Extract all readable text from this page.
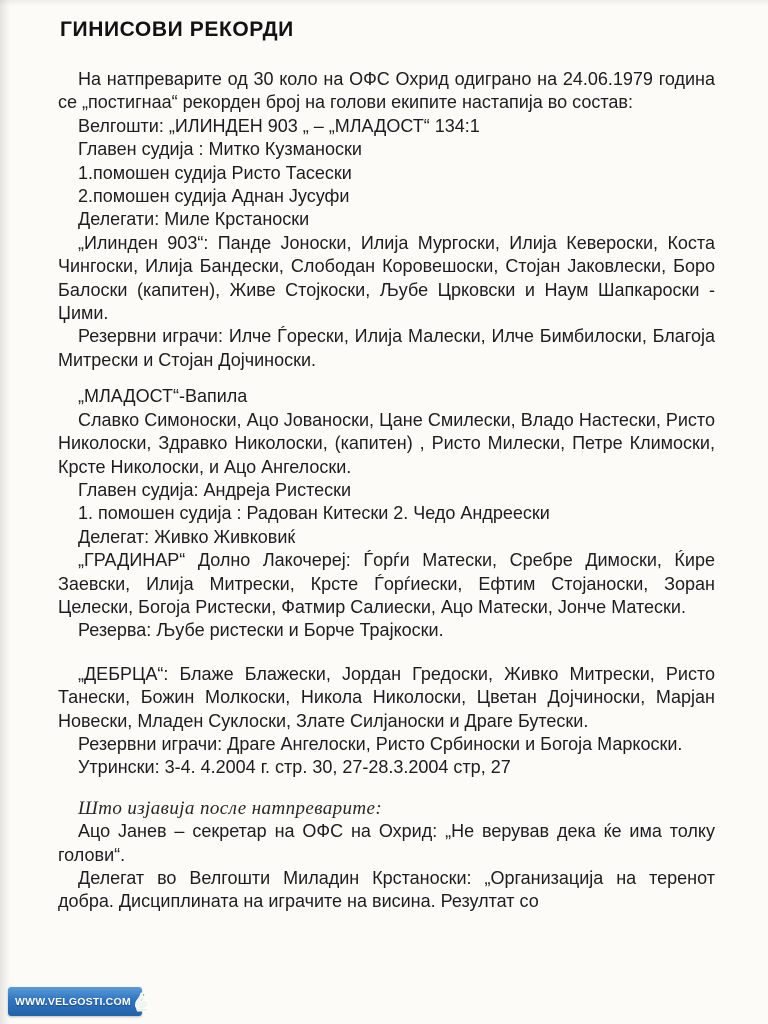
ГИНИСОВИ РЕКОРДИ

На натпреварите од 30 коло на ОФС Охрид одиграно на 24.06.1979 година се „постигнаа“ рекорден број на голови екипите настапија во состав:

Велгошти: „ИЛИНДЕН 903 „ – „МЛАДОСТ“ 134:1
Главен судија : Митко Кузманоски
1.помошен судија Ристо Тасески
2.помошен судија Аднан Јусуфи
Делегати: Миле Крстаноски

„Илинден 903“: Панде Јоноски, Илија Мургоски, Илија Кевероски, Коста Чингоски, Илија Бандески, Слободан Коровешоски, Стојан Јаковлески, Боро Балоски (капитен), Живе Стојкоски, Љубе Црковски и Наум Шапкароски - Џими.

Резервни играчи: Илче Ѓорески, Илија Малески, Илче Бимбилоски, Благоја Митрески и Стојан Дојчиноски.

„МЛАДОСТ“-Вапила

Славко Симоноски, Ацо Јованоски, Цане Смилески, Владо Настески, Ристо Николоски, Здравко Николоски, (капитен) , Ристо Милески, Петре Климоски, Крсте Николоски, и Ацо Ангелоски.

Главен судија: Андреја Ристески
1. помошен судија : Радован Китески 2. Чедо Андреески
Делегат: Живко Живковиќ

„ГРАДИНАР“ Долно Лакочереј: Ѓорѓи Матески, Сребре Димоски, Ќире Заевски, Илија Митрески, Крсте Ѓорѓиески, Ефтим Стојаноски, Зоран Целески, Богоја Ристески, Фатмир Салиески, Ацо Матески, Јонче Матески.

Резерва: Љубе ристески и Борче Трајкоски.

„ДЕБРЦА“: Блаже Блажески, Јордан Гредоски, Живко Митрески, Ристо Танески, Божин Молкоски, Никола Николоски, Цветан Дојчиноски, Марјан Новески, Младен Суклоски, Злате Силјаноски и Драге Бутески.

Резервни играчи: Драге Ангелоски, Ристо Србиноски и Богоја Маркоски.

Утрински: 3-4. 4.2004 г. стр. 30, 27-28.3.2004 стр, 27
Што изјавија после натпреварите:

Ацо Јанев – секретар на ОФС на Охрид: „Не верував дека ќе има толку голови“.

Делегат во Велгошти Миладин Крстаноски: „Организација на теренот добра. Дисциплината на играчите на висина. Резултат со

WWW.VELGOSTI.COM
